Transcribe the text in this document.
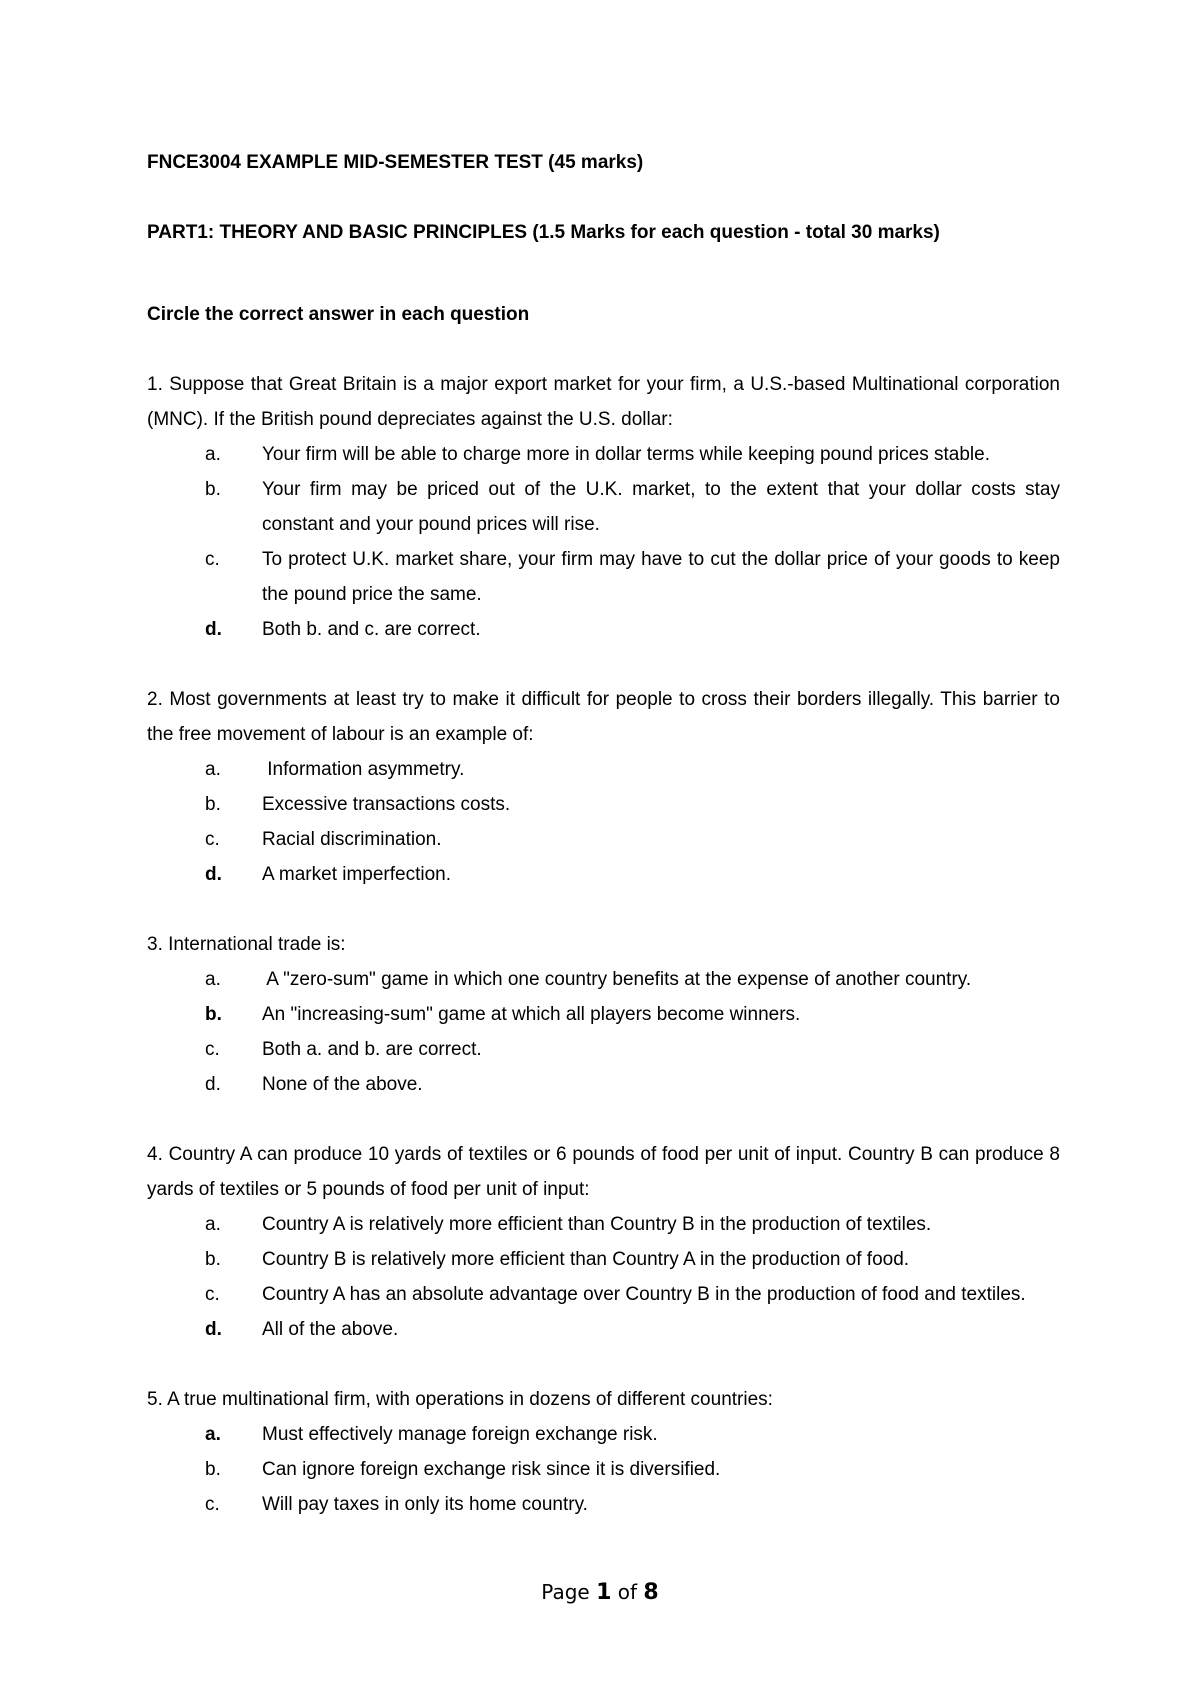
FNCE3004 EXAMPLE MID-SEMESTER TEST (45 marks)

PART1: THEORY AND BASIC PRINCIPLES (1.5 Marks for each question - total 30 marks)

Circle the correct answer in each question

1. Suppose that Great Britain is a major export market for your firm, a U.S.-based Multinational corporation (MNC). If the British pound depreciates against the U.S. dollar:

a.	Your firm will be able to charge more in dollar terms while keeping pound prices stable.
b.	Your firm may be priced out of the U.K. market, to the extent that your dollar costs stay constant and your pound prices will rise.
c.	To protect U.K. market share, your firm may have to cut the dollar price of your goods to keep the pound price the same.
d.	Both b. and c. are correct.

2. Most governments at least try to make it difficult for people to cross their borders illegally. This barrier to the free movement of labour is an example of:

a.	Information asymmetry.
b.	Excessive transactions costs.
c.	Racial discrimination.
d.	A market imperfection.

3. International trade is:

a.	A "zero-sum" game in which one country benefits at the expense of another country.
b.	An "increasing-sum" game at which all players become winners.
c.	Both a. and b. are correct.
d.	None of the above.

4. Country A can produce 10 yards of textiles or 6 pounds of food per unit of input. Country B can produce 8 yards of textiles or 5 pounds of food per unit of input:

a.	Country A is relatively more efficient than Country B in the production of textiles.
b.	Country B is relatively more efficient than Country A in the production of food.
c. Country A has an absolute advantage over Country B in the production of food and textiles.
d.	All of the above.

5. A true multinational firm, with operations in dozens of different countries:

a.	Must effectively manage foreign exchange risk.
b.	Can ignore foreign exchange risk since it is diversified.
c.	Will pay taxes in only its home country.
Page 1 of 8
